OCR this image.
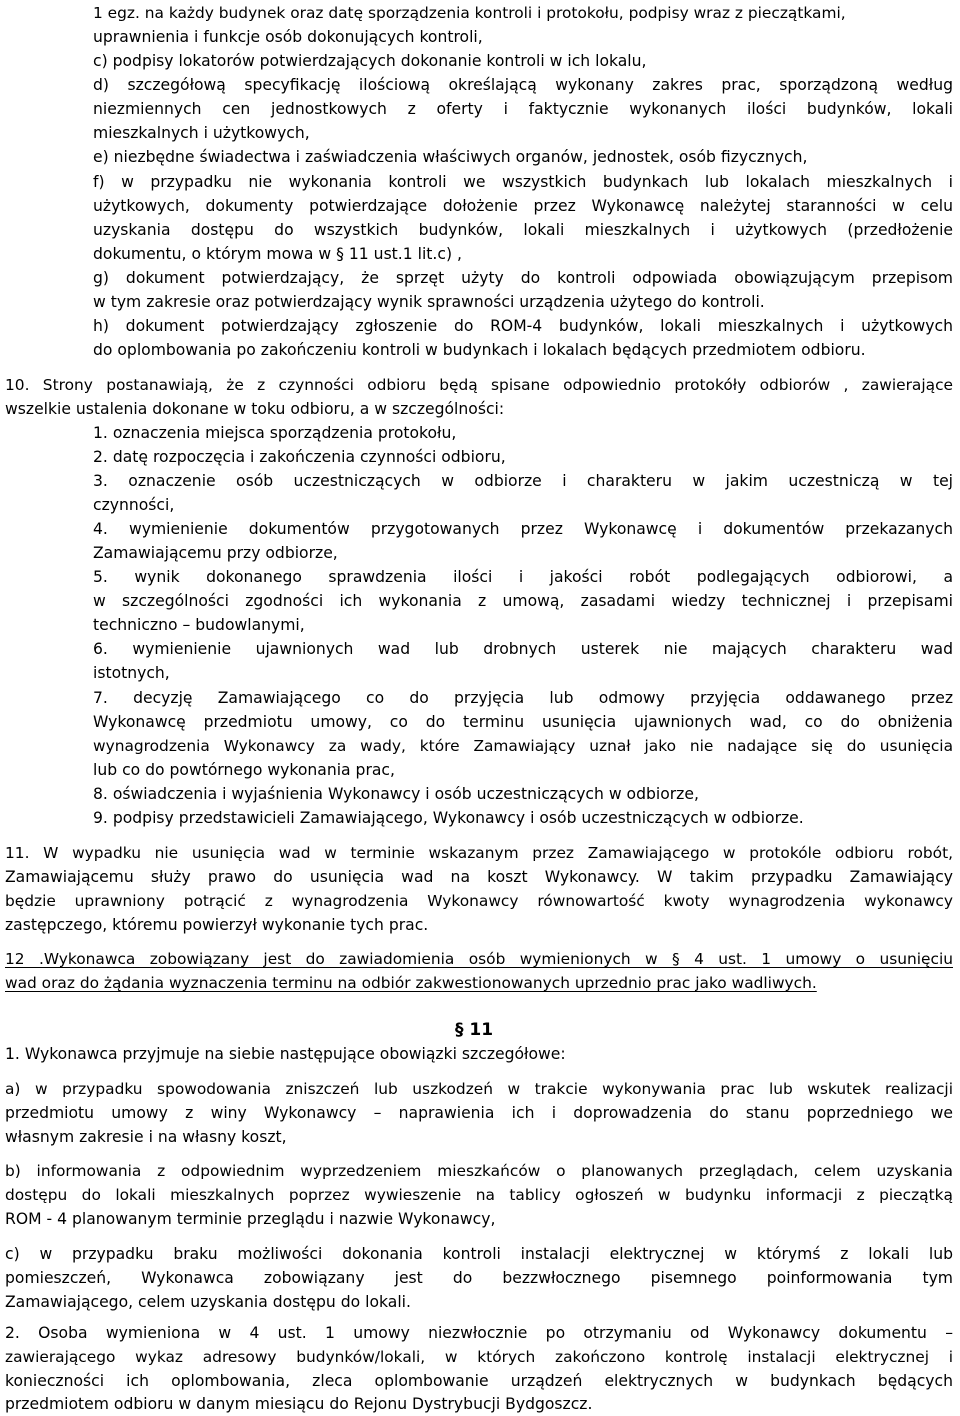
1 egz. na każdy budynek oraz datę sporządzenia kontroli i protokołu, podpisy wraz z pieczątkami,

uprawnienia i funkcje osób dokonujących kontroli,

c) podpisy lokatorów potwierdzających dokonanie kontroli w ich lokalu,

d) szczegółową specyfikację ilościową określającą wykonany zakres prac, sporządzoną według

niezmiennych cen jednostkowych z oferty i faktycznie wykonanych ilości budynków, lokali

mieszkalnych i użytkowych,

e) niezbędne świadectwa i zaświadczenia właściwych organów, jednostek, osób fizycznych,

f) w przypadku nie wykonania kontroli we wszystkich budynkach lub lokalach mieszkalnych i

użytkowych, dokumenty potwierdzające dołożenie przez Wykonawcę należytej staranności w celu

uzyskania dostępu do wszystkich budynków, lokali mieszkalnych i użytkowych (przedłożenie

dokumentu, o którym mowa w § 11 ust.1 lit.c) ,

g) dokument potwierdzający, że sprzęt użyty do kontroli odpowiada obowiązującym przepisom

w tym zakresie oraz potwierdzający wynik sprawności urządzenia użytego do kontroli.

h) dokument potwierdzający zgłoszenie do ROM-4 budynków, lokali mieszkalnych i użytkowych

do oplombowania po zakończeniu kontroli w budynkach i lokalach będących przedmiotem odbioru.

10. Strony postanawiają, że z czynności odbioru będą spisane odpowiednio protokóły odbiorów , zawierające

wszelkie ustalenia dokonane w toku odbioru, a w szczególności:

1. oznaczenia miejsca sporządzenia protokołu,

2. datę rozpoczęcia i zakończenia czynności odbioru,

3. oznaczenie osób uczestniczących w odbiorze i charakteru w jakim uczestniczą w tej

czynności,

4. wymienienie dokumentów przygotowanych przez Wykonawcę i dokumentów przekazanych

Zamawiającemu przy odbiorze,

5. wynik dokonanego sprawdzenia ilości i jakości robót podlegających odbiorowi, a

w szczególności zgodności ich wykonania z umową, zasadami wiedzy technicznej i przepisami

techniczno – budowlanymi,

6. wymienienie ujawnionych wad lub drobnych usterek nie mających charakteru wad

istotnych,

7. decyzję Zamawiającego co do przyjęcia lub odmowy przyjęcia oddawanego przez

Wykonawcę przedmiotu umowy, co do terminu usunięcia ujawnionych wad, co do obniżenia

wynagrodzenia Wykonawcy za wady, które Zamawiający uznał jako nie nadające się do usunięcia

lub co do powtórnego wykonania prac,

8. oświadczenia i wyjaśnienia Wykonawcy i osób uczestniczących w odbiorze,

9. podpisy przedstawicieli Zamawiającego, Wykonawcy i osób uczestniczących w odbiorze.

11. W wypadku nie usunięcia wad w terminie wskazanym przez Zamawiającego w protokóle odbioru robót,

Zamawiającemu służy prawo do usunięcia wad na koszt Wykonawcy. W takim przypadku Zamawiający

będzie uprawniony potrącić z wynagrodzenia Wykonawcy równowartość kwoty wynagrodzenia wykonawcy

zastępczego, któremu powierzył wykonanie tych prac.

12 .Wykonawca zobowiązany jest do zawiadomienia osób wymienionych w § 4 ust. 1 umowy o usunięciu

wad oraz do żądania wyznaczenia terminu na odbiór zakwestionowanych uprzednio prac jako wadliwych.

§ 11

1. Wykonawca przyjmuje na siebie następujące obowiązki szczegółowe:

a) w przypadku spowodowania zniszczeń lub uszkodzeń w trakcie wykonywania prac lub wskutek realizacji

przedmiotu umowy z winy Wykonawcy – naprawienia ich i doprowadzenia do stanu poprzedniego we

własnym zakresie i na własny koszt,

b) informowania z odpowiednim wyprzedzeniem mieszkańców o planowanych przeglądach, celem uzyskania

dostępu do lokali mieszkalnych poprzez wywieszenie na tablicy ogłoszeń w budynku informacji z pieczątką

ROM - 4 planowanym terminie przeglądu i nazwie Wykonawcy,

c) w przypadku braku możliwości dokonania kontroli instalacji elektrycznej w którymś z lokali lub

pomieszczeń, Wykonawca zobowiązany jest do bezzwłocznego pisemnego poinformowania tym

Zamawiającego, celem uzyskania dostępu do lokali.

2. Osoba wymieniona w 4 ust. 1 umowy niezwłocznie po otrzymaniu od Wykonawcy dokumentu –

zawierającego wykaz adresowy budynków/lokali, w których zakończono kontrolę instalacji elektrycznej i

konieczności ich oplombowania, zleca oplombowanie urządzeń elektrycznych w budynkach będących

przedmiotem odbioru w danym miesiącu do Rejonu Dystrybucji Bydgoszcz.
